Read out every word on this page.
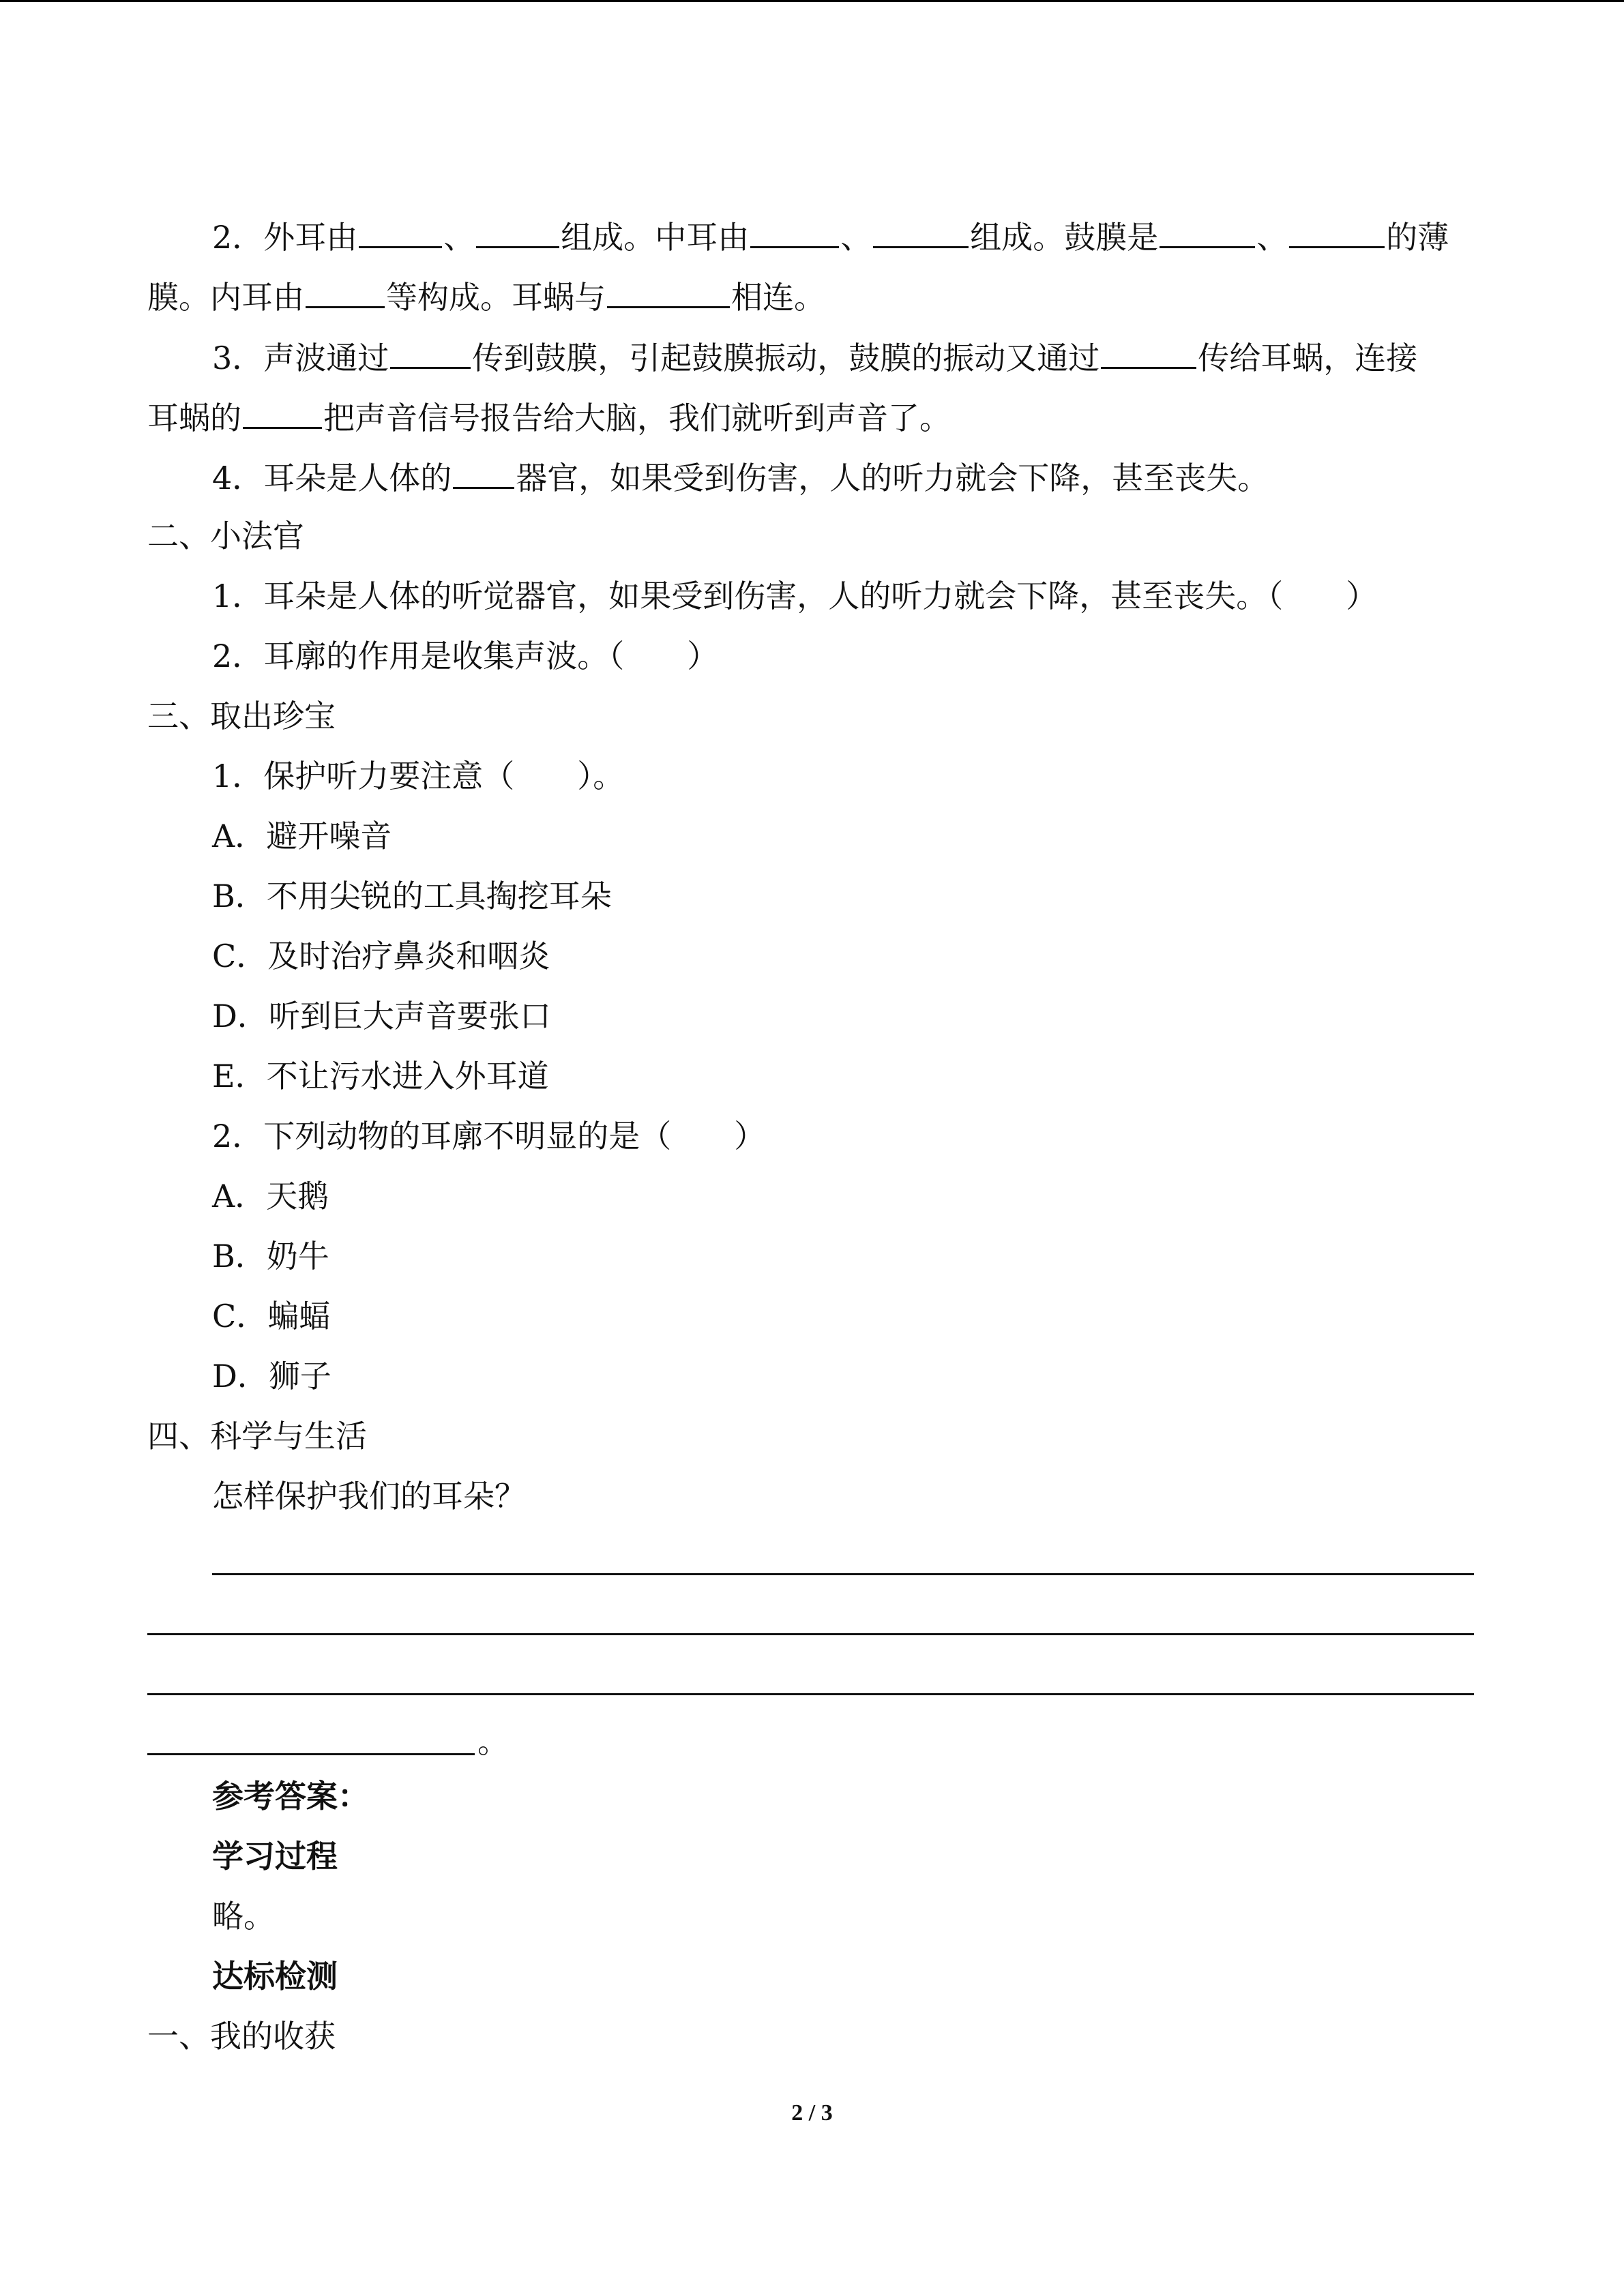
2．外耳由	、	组成。中耳由	、	组成。鼓膜是	、	的薄

膜。内耳由	等构成。耳蜗与	相连。

3．声波通过	传到鼓膜，引起鼓膜振动，鼓膜的振动又通过	传给耳蜗，连接

耳蜗的	把声音信号报告给大脑，我们就听到声音了。

4．耳朵是人体的 器官，如果受到伤害，人的听力就会下降，甚至丧失。

二、小法官

1．耳朵是人体的听觉器官，如果受到伤害，人的听力就会下降，甚至丧失。（　　）

2．耳廓的作用是收集声波。（　　）

三、取出珍宝

1．保护听力要注意（　　）。

A．避开噪音

B．不用尖锐的工具掏挖耳朵

C．及时治疗鼻炎和咽炎

D．听到巨大声音要张口

E．不让污水进入外耳道

2．下列动物的耳廓不明显的是（　　）

A．天鹅

B．奶牛

C．蝙蝠

D．狮子

四、科学与生活

怎样保护我们的耳朵？

。

参考答案：

学习过程

略。

达标检测

一、我的收获

2 / 3
